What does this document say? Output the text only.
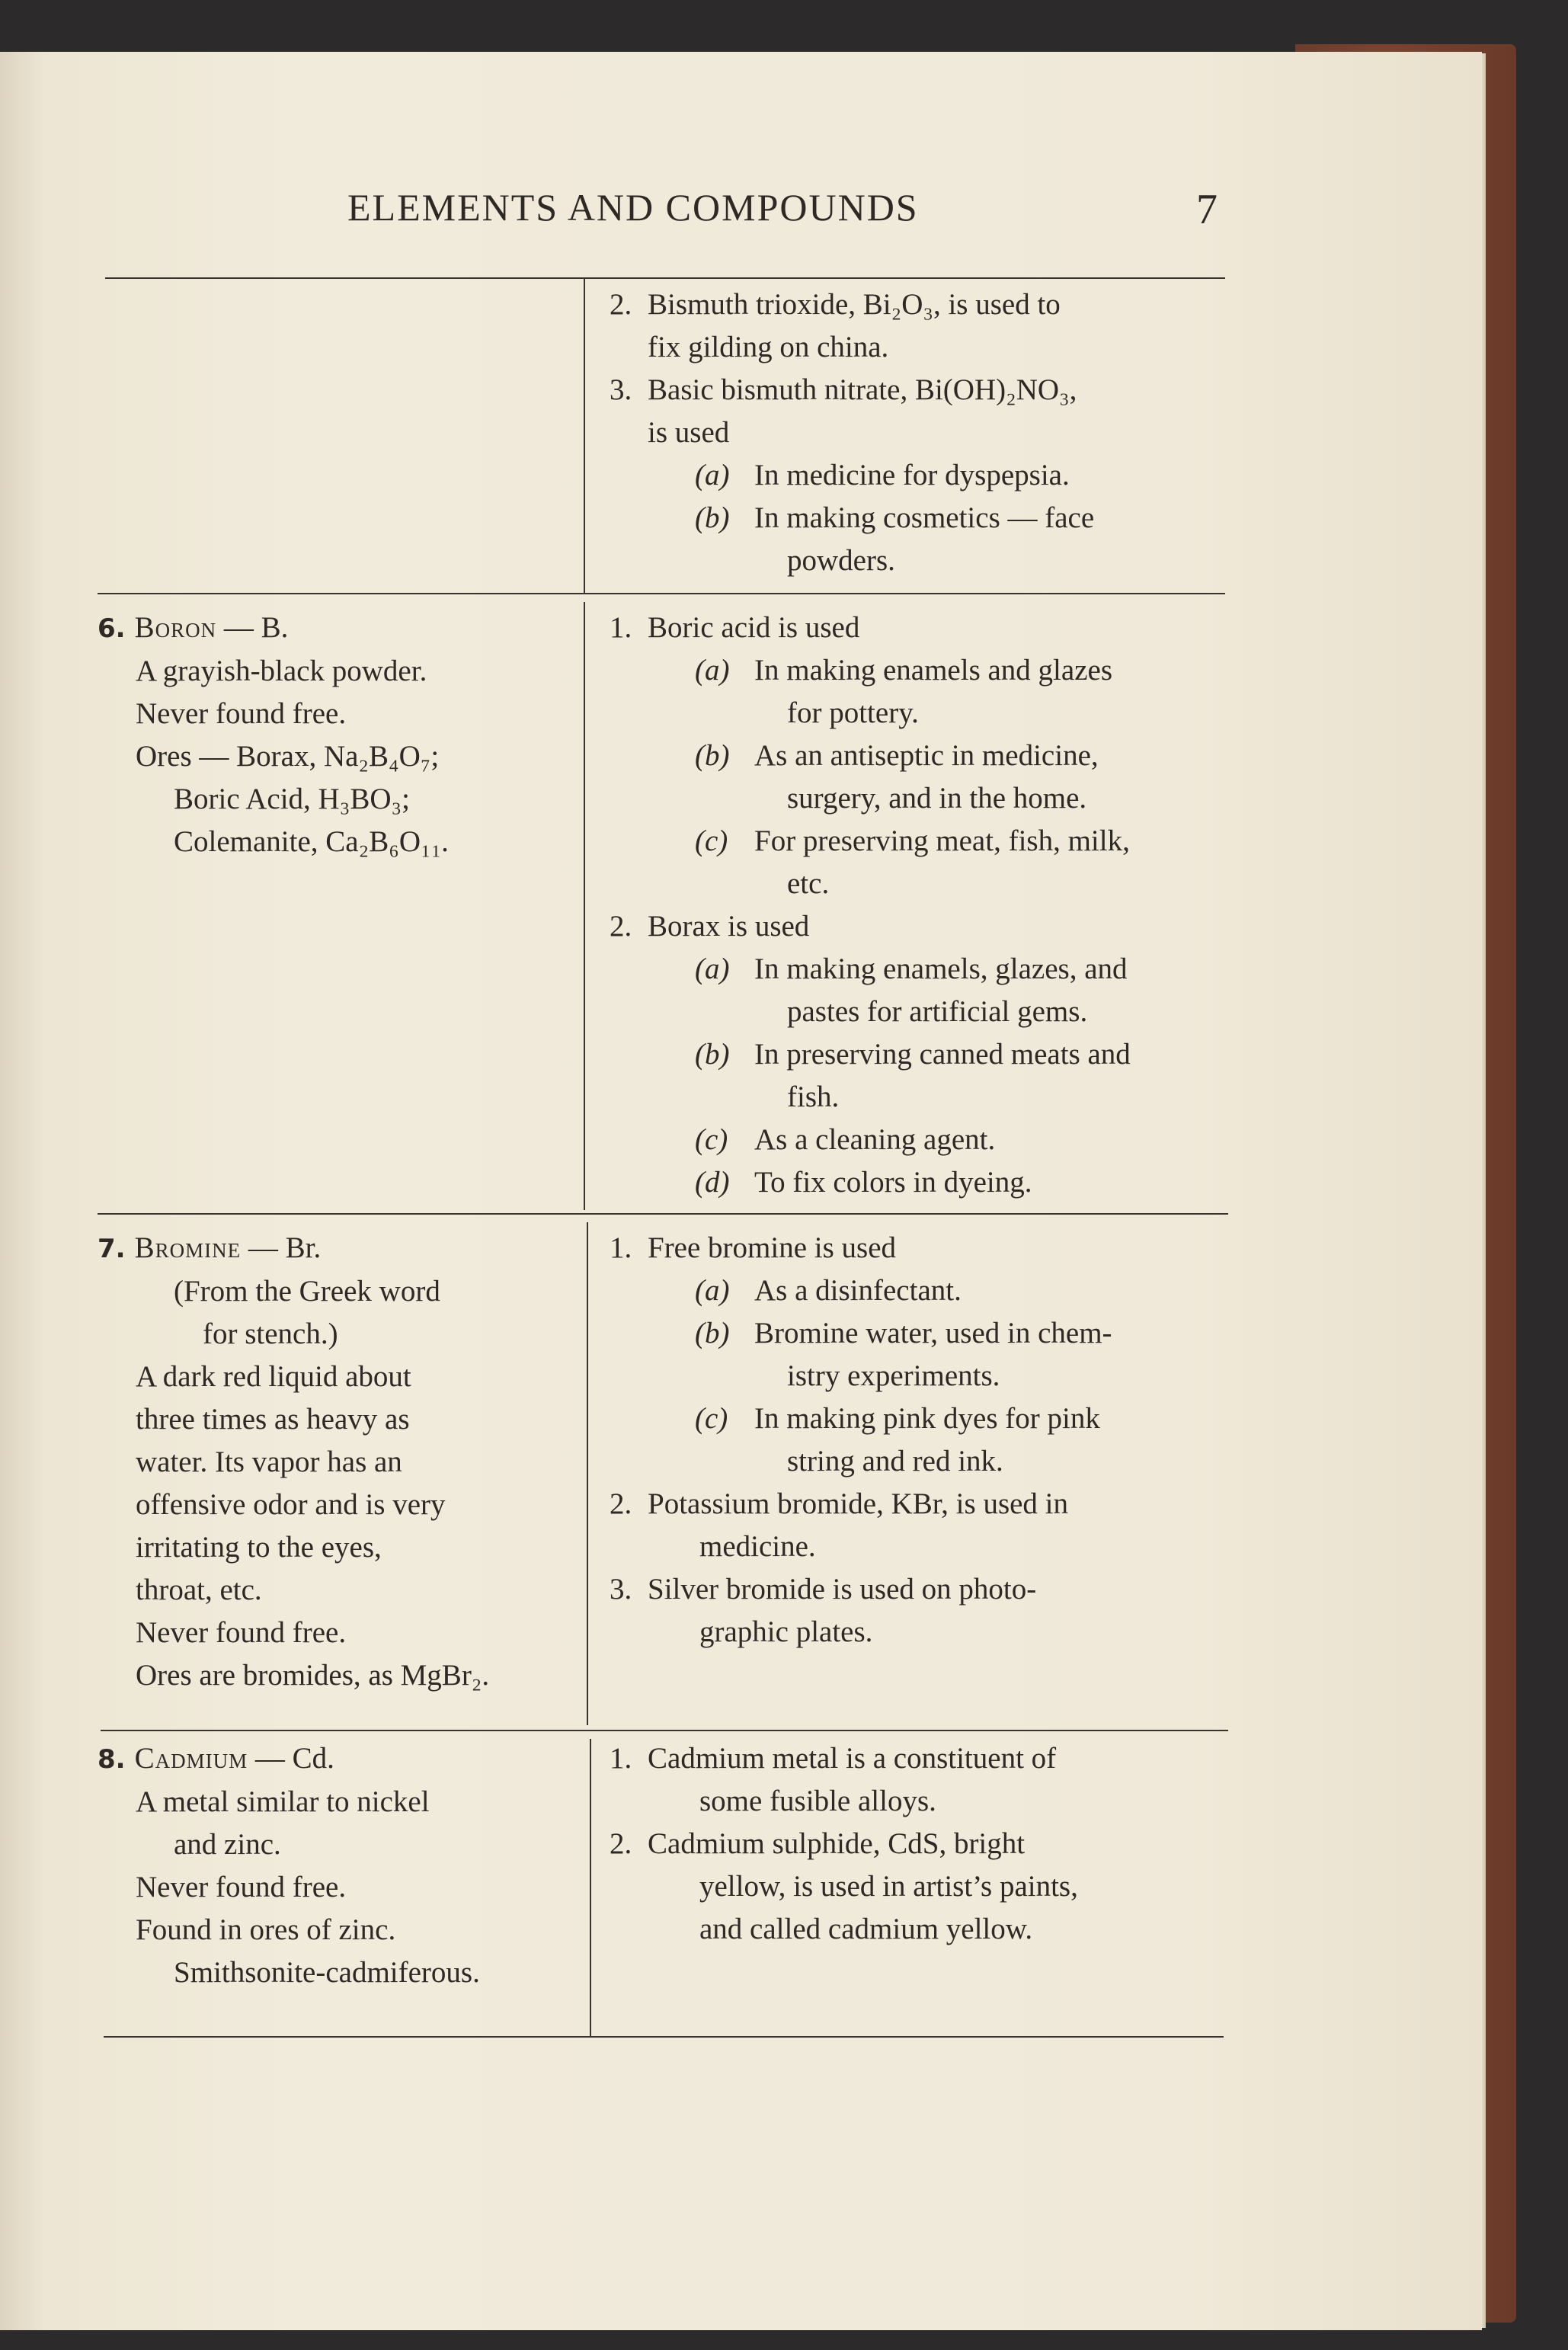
ELEMENTS AND COMPOUNDS	7
2. Bismuth trioxide, Bi₂O₃, is used to
fix gilding on china.
3. Basic bismuth nitrate, Bi(OH)₂NO₃,
is used
(a) In medicine for dyspepsia.
(b) In making cosmetics — face
powders.
6. Boron — B.
A grayish-black powder.
Never found free.
Ores — Borax, Na₂B₄O₇;
Boric Acid, H₃BO₃;
Colemanite, Ca₂B₆O₁₁.
1. Boric acid is used
(a) In making enamels and glazes
for pottery.
(b) As an antiseptic in medicine,
surgery, and in the home.
(c) For preserving meat, fish, milk,
etc.
2. Borax is used
(a) In making enamels, glazes, and
pastes for artificial gems.
(b) In preserving canned meats and
fish.
(c) As a cleaning agent.
(d) To fix colors in dyeing.
7. Bromine — Br.
(From the Greek word
for stench.)
A dark red liquid about
three times as heavy as
water. Its vapor has an
offensive odor and is very
irritating to the eyes,
throat, etc.
Never found free.
Ores are bromides, as MgBr₂.
1. Free bromine is used
(a) As a disinfectant.
(b) Bromine water, used in chem-
istry experiments.
(c) In making pink dyes for pink
string and red ink.
2. Potassium bromide, KBr, is used in
medicine.
3. Silver bromide is used on photo-
graphic plates.
8. Cadmium — Cd.
A metal similar to nickel
and zinc.
Never found free.
Found in ores of zinc.
Smithsonite-cadmiferous.
1. Cadmium metal is a constituent of
some fusible alloys.
2. Cadmium sulphide, CdS, bright
yellow, is used in artist’s paints,
and called cadmium yellow.
